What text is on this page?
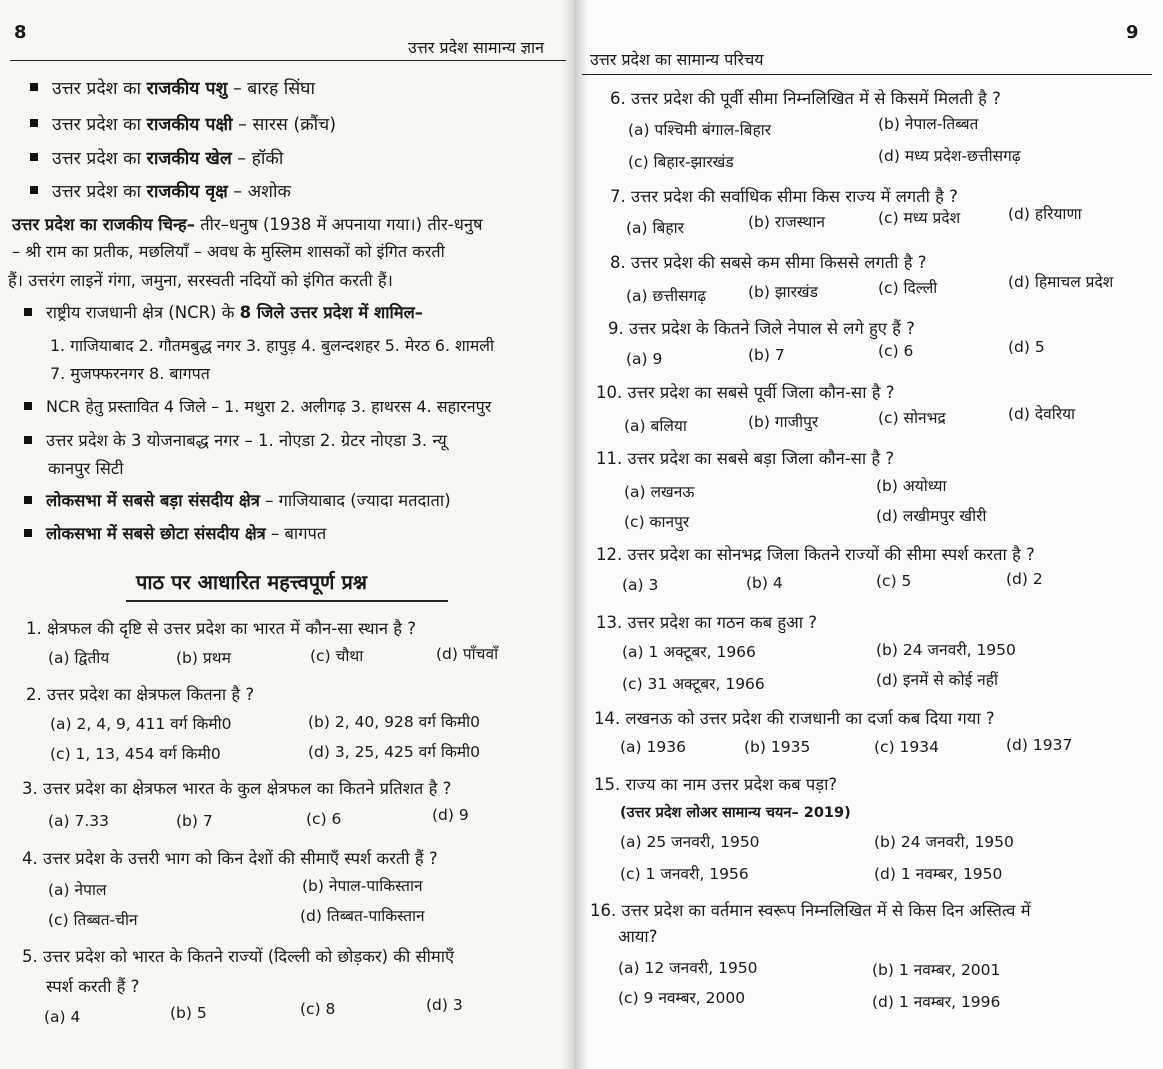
8
उत्तर प्रदेश सामान्य ज्ञान
उत्तर प्रदेश का राजकीय पशु – बारह सिंघा
उत्तर प्रदेश का राजकीय पक्षी – सारस (क्रौंच)
उत्तर प्रदेश का राजकीय खेल – हॉकी
उत्तर प्रदेश का राजकीय वृक्ष – अशोक
उत्तर प्रदेश का राजकीय चिन्ह– तीर–धनुष (1938 में अपनाया गया।) तीर-धनुष
– श्री राम का प्रतीक, मछलियाँ – अवध के मुस्लिम शासकों को इंगित करती
हैं। उत्तरंग लाइनें गंगा, जमुना, सरस्वती नदियों को इंगित करती हैं।
राष्ट्रीय राजधानी क्षेत्र (NCR) के 8 जिले उत्तर प्रदेश में शामिल–
1. गाजियाबाद 2. गौतमबुद्ध नगर 3. हापुड़ 4. बुलन्दशहर 5. मेरठ 6. शामली
7. मुजफ्फरनगर 8. बागपत
NCR हेतु प्रस्तावित 4 जिले – 1. मथुरा 2. अलीगढ़ 3. हाथरस 4. सहारनपुर
उत्तर प्रदेश के 3 योजनाबद्ध नगर – 1. नोएडा 2. ग्रेटर नोएडा 3. न्यू
कानपुर सिटी
लोकसभा में सबसे बड़ा संसदीय क्षेत्र – गाजियाबाद (ज्यादा मतदाता)
लोकसभा में सबसे छोटा संसदीय क्षेत्र – बागपत
पाठ पर आधारित महत्त्वपूर्ण प्रश्न
1. क्षेत्रफल की दृष्टि से उत्तर प्रदेश का भारत में कौन-सा स्थान है ?
(a) द्वितीय	(b) प्रथम	(c) चौथा	(d) पाँचवाँ
2. उत्तर प्रदेश का क्षेत्रफल कितना है ?
(a) 2, 4, 9, 411 वर्ग किमी0	(b) 2, 40, 928 वर्ग किमी0
(c) 1, 13, 454 वर्ग किमी0	(d) 3, 25, 425 वर्ग किमी0
3. उत्तर प्रदेश का क्षेत्रफल भारत के कुल क्षेत्रफल का कितने प्रतिशत है ?
(a) 7.33	(b) 7	(c) 6	(d) 9
4. उत्तर प्रदेश के उत्तरी भाग को किन देशों की सीमाएँ स्पर्श करती हैं ?
(a) नेपाल	(b) नेपाल-पाकिस्तान
(c) तिब्बत-चीन	(d) तिब्बत-पाकिस्तान
5. उत्तर प्रदेश को भारत के कितने राज्यों (दिल्ली को छोड़कर) की सीमाएँ
स्पर्श करती हैं ?
(a) 4	(b) 5	(c) 8	(d) 3
9
उत्तर प्रदेश का सामान्य परिचय
6. उत्तर प्रदेश की पूर्वी सीमा निम्नलिखित में से किसमें मिलती है ?
(a) पश्चिमी बंगाल-बिहार	(b) नेपाल-तिब्बत
(c) बिहार-झारखंड	(d) मध्य प्रदेश-छत्तीसगढ़
7. उत्तर प्रदेश की सर्वाधिक सीमा किस राज्य में लगती है ?
(a) बिहार	(b) राजस्थान	(c) मध्य प्रदेश	(d) हरियाणा
8. उत्तर प्रदेश की सबसे कम सीमा किससे लगती है ?
(a) छत्तीसगढ़	(b) झारखंड	(c) दिल्ली	(d) हिमाचल प्रदेश
9. उत्तर प्रदेश के कितने जिले नेपाल से लगे हुए हैं ?
(a) 9	(b) 7	(c) 6	(d) 5
10. उत्तर प्रदेश का सबसे पूर्वी जिला कौन-सा है ?
(a) बलिया	(b) गाजीपुर	(c) सोनभद्र	(d) देवरिया
11. उत्तर प्रदेश का सबसे बड़ा जिला कौन-सा है ?
(a) लखनऊ	(b) अयोध्या
(c) कानपुर	(d) लखीमपुर खीरी
12. उत्तर प्रदेश का सोनभद्र जिला कितने राज्यों की सीमा स्पर्श करता है ?
(a) 3	(b) 4	(c) 5	(d) 2
13. उत्तर प्रदेश का गठन कब हुआ ?
(a) 1 अक्टूबर, 1966	(b) 24 जनवरी, 1950
(c) 31 अक्टूबर, 1966	(d) इनमें से कोई नहीं
14. लखनऊ को उत्तर प्रदेश की राजधानी का दर्जा कब दिया गया ?
(a) 1936	(b) 1935	(c) 1934	(d) 1937
15. राज्य का नाम उत्तर प्रदेश कब पड़ा?
(उत्तर प्रदेश लोअर सामान्य चयन– 2019)
(a) 25 जनवरी, 1950	(b) 24 जनवरी, 1950
(c) 1 जनवरी, 1956	(d) 1 नवम्बर, 1950
16. उत्तर प्रदेश का वर्तमान स्वरूप निम्नलिखित में से किस दिन अस्तित्व में
आया?
(a) 12 जनवरी, 1950	(b) 1 नवम्बर, 2001
(c) 9 नवम्बर, 2000	(d) 1 नवम्बर, 1996
